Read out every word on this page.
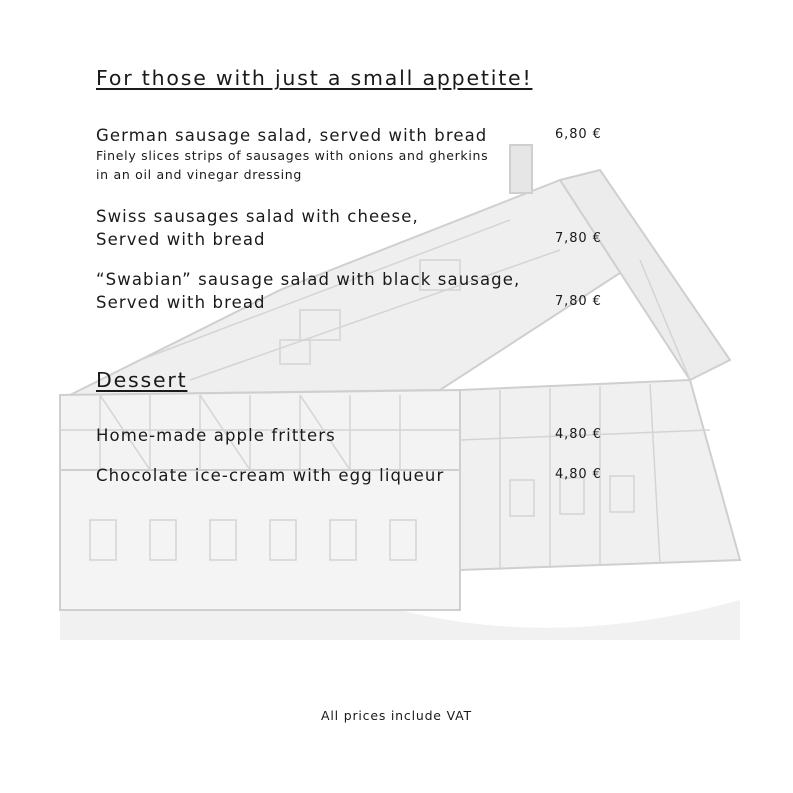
For those with just a small appetite!
German sausage salad, served with bread
Finely slices strips of sausages with onions and gherkins
in an oil and vinegar dressing
6,80 €
Swiss sausages salad with cheese,
Served with bread	7,80 €
“Swabian” sausage salad with black sausage,
Served with bread	7,80 €
Dessert
Home-made apple fritters	4,80 €
Chocolate ice-cream with egg liqueur	4,80 €
All prices include VAT
